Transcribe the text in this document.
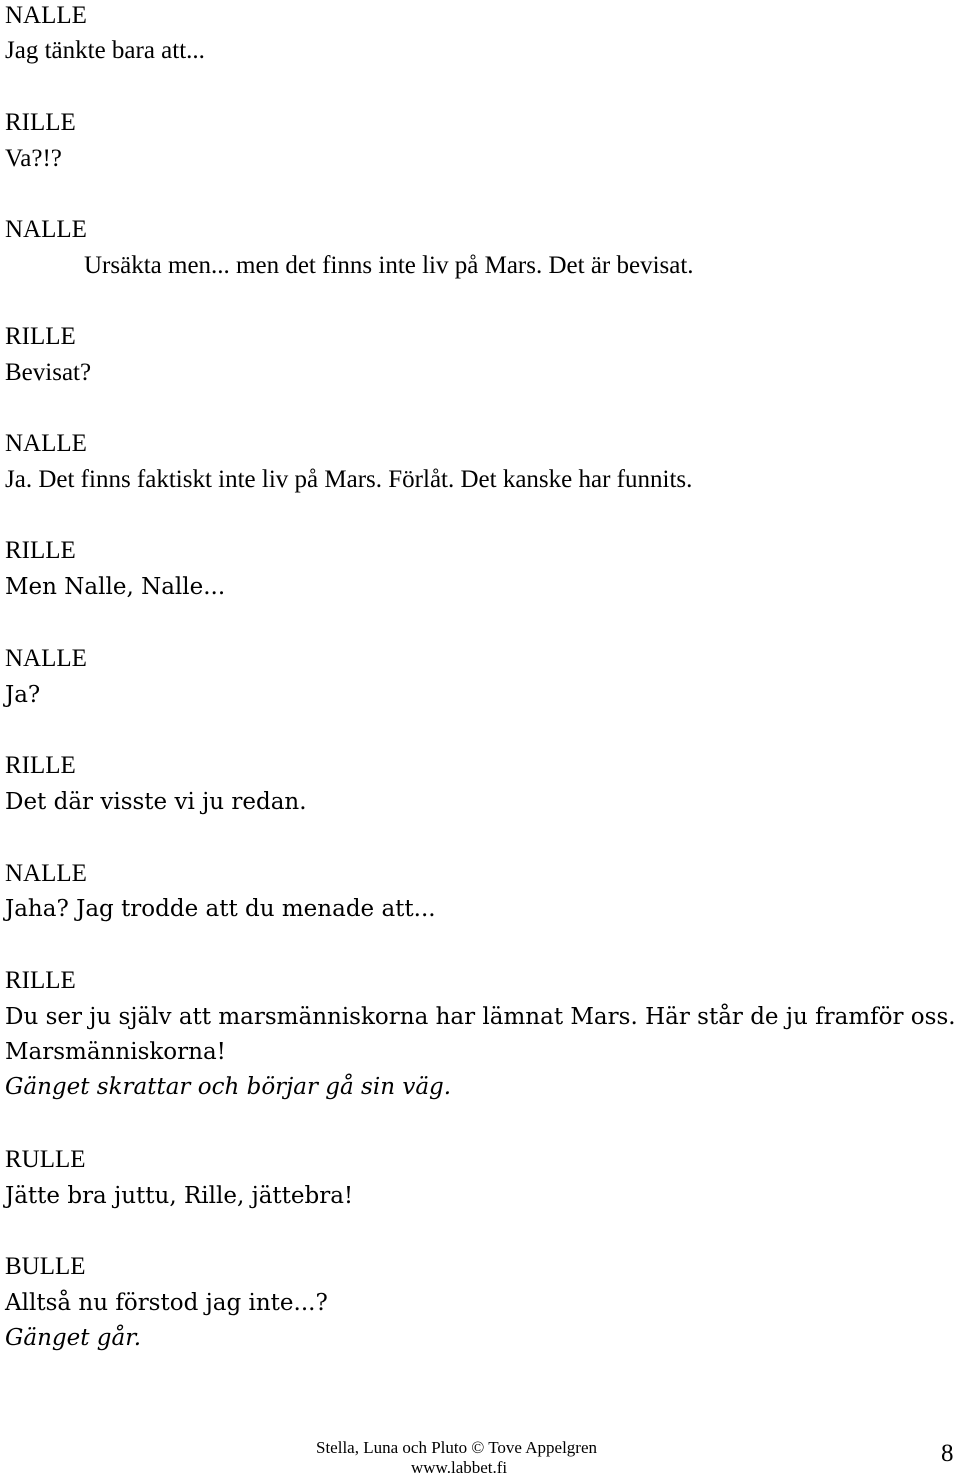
NALLE
Jag tänkte bara att...
RILLE
Va?!?
NALLE
Ursäkta men... men det finns inte liv på Mars. Det är bevisat.
RILLE
Bevisat?
NALLE
Ja. Det finns faktiskt inte liv på Mars. Förlåt. Det kanske har funnits.
RILLE
Men Nalle, Nalle...
NALLE
Ja?
RILLE
Det där visste vi ju redan.
NALLE
Jaha? Jag trodde att du menade att...
RILLE
Du ser ju själv att marsmänniskorna har lämnat Mars. Här står de ju framför oss.
Marsmänniskorna!
Gänget skrattar och börjar gå sin väg.
RULLE
Jätte bra juttu, Rille, jättebra!
BULLE
Alltså nu förstod jag inte...?
Gänget går.
Stella, Luna och Pluto © Tove Appelgren
www.labbet.fi
8
